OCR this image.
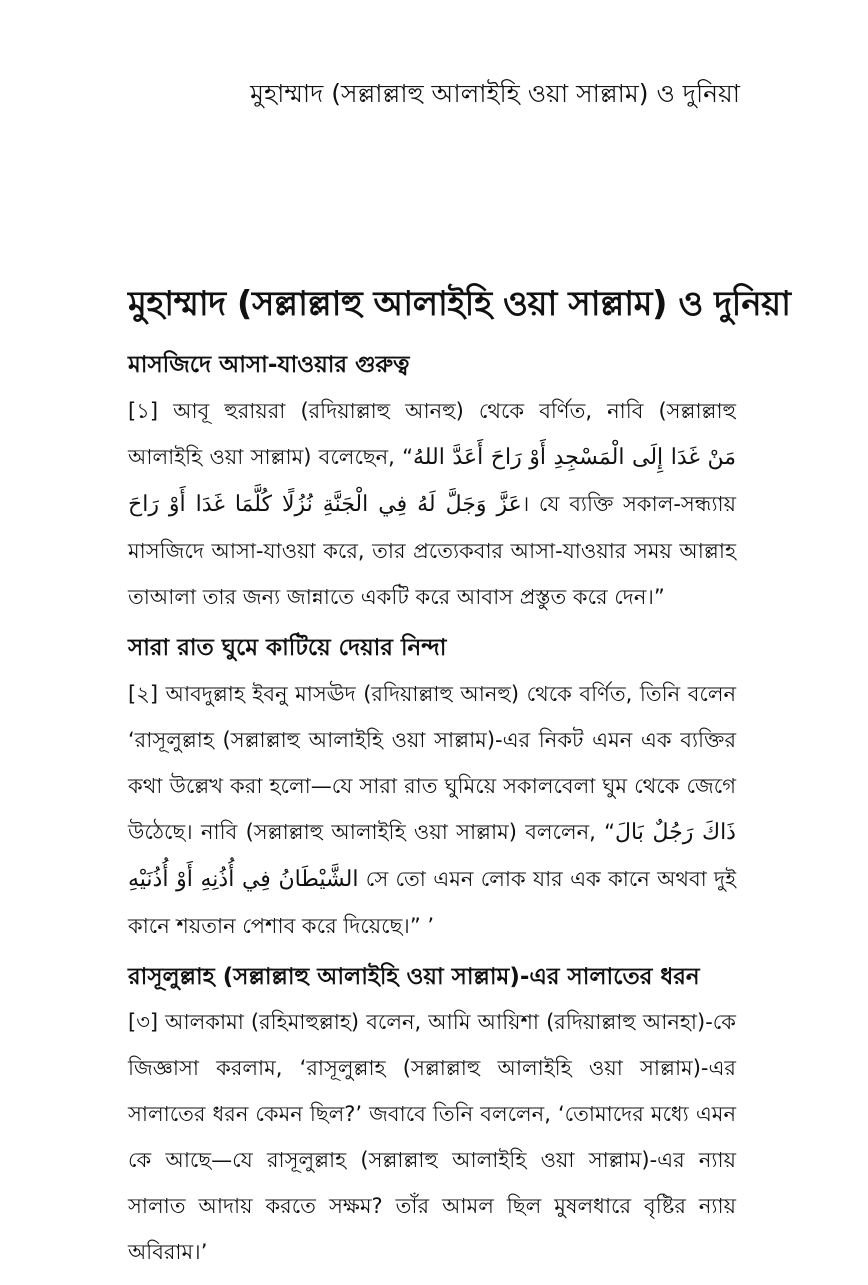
মুহাম্মাদ (সল্লাল্লাহু আলাইহি ওয়া সাল্লাম) ও দুনিয়া
মুহাম্মাদ (সল্লাল্লাহু আলাইহি ওয়া সাল্লাম) ও দুনিয়া
মাসজিদে আসা-যাওয়ার গুরুত্ব

[১] আবূ হুরায়রা (রদিয়াল্লাহু আনহু) থেকে বর্ণিত, নাবি (সল্লাল্লাহু আলাইহি ওয়া সাল্লাম) বলেছেন, “مَنْ غَدَا إِلَى الْمَسْجِدِ أَوْ رَاحَ أَعَدَّ اللهُ عَزَّ وَجَلَّ لَهُ فِي الْجَنَّةِ نُزُلًا كُلَّمَا غَدَا أَوْ رَاحَ। যে ব্যক্তি সকাল-সন্ধ্যায় মাসজিদে আসা-যাওয়া করে, তার প্রত্যেকবার আসা-যাওয়ার সময় আল্লাহ তাআলা তার জন্য জান্নাতে একটি করে আবাস প্রস্তুত করে দেন।”

সারা রাত ঘুমে কাটিয়ে দেয়ার নিন্দা

[২] আবদুল্লাহ ইবনু মাসঊদ (রদিয়াল্লাহু আনহু) থেকে বর্ণিত, তিনি বলেন ‘রাসূলুল্লাহ (সল্লাল্লাহু আলাইহি ওয়া সাল্লাম)-এর নিকট এমন এক ব্যক্তির কথা উল্লেখ করা হলো—যে সারা রাত ঘুমিয়ে সকালবেলা ঘুম থেকে জেগে উঠেছে। নাবি (সল্লাল্লাহু আলাইহি ওয়া সাল্লাম) বললেন, “ذَاكَ رَجُلٌ بَالَ الشَّيْطَانُ فِي أُذُنِهِ أَوْ أُذُنَيْهِ সে তো এমন লোক যার এক কানে অথবা দুই কানে শয়তান পেশাব করে দিয়েছে।” ’

রাসূলুল্লাহ (সল্লাল্লাহু আলাইহি ওয়া সাল্লাম)-এর সালাতের ধরন

[৩] আলকামা (রহিমাহুল্লাহ) বলেন, আমি আয়িশা (রদিয়াল্লাহু আনহা)-কে জিজ্ঞাসা করলাম, ‘রাসূলুল্লাহ (সল্লাল্লাহু আলাইহি ওয়া সাল্লাম)-এর সালাতের ধরন কেমন ছিল?’ জবাবে তিনি বললেন, ‘তোমাদের মধ্যে এমন কে আছে—যে রাসূলুল্লাহ (সল্লাল্লাহু আলাইহি ওয়া সাল্লাম)-এর ন্যায় সালাত আদায় করতে সক্ষম? তাঁর আমল ছিল মুষলধারে বৃষ্টির ন্যায় অবিরাম।’
